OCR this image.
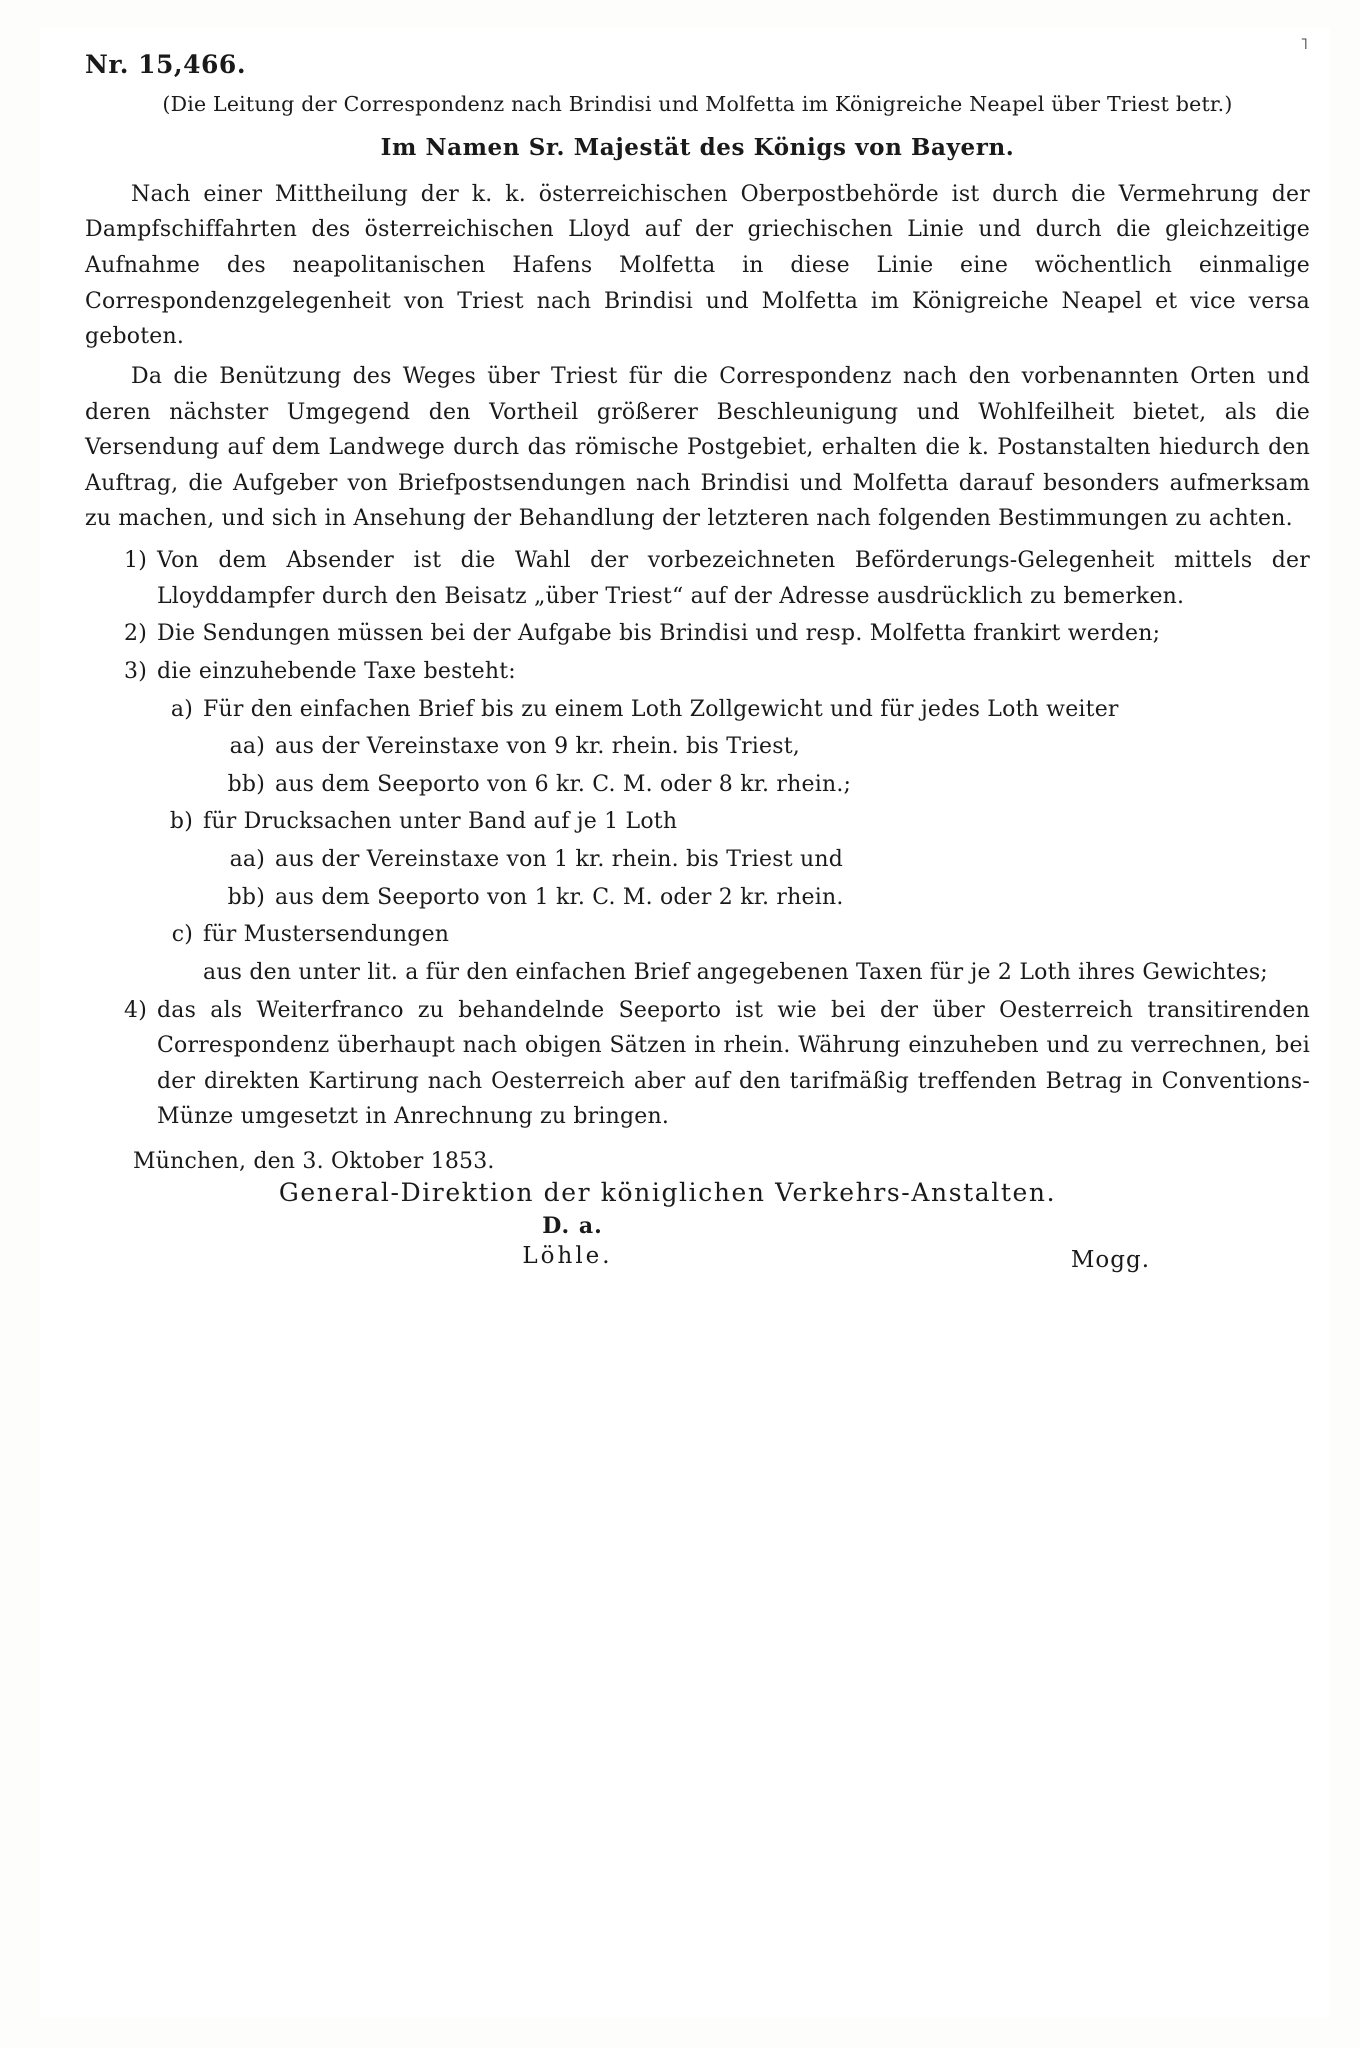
˥
Nr. 15,466.
(Die Leitung der Correspondenz nach Brindisi und Molfetta im Königreiche Neapel über Triest betr.)
Im Namen Sr. Majestät des Königs von Bayern.

Nach einer Mittheilung der k. k. österreichischen Oberpostbehörde ist durch die Vermehrung der Dampfschiffahrten des österreichischen Lloyd auf der griechischen Linie und durch die gleichzeitige Aufnahme des neapolitanischen Hafens Molfetta in diese Linie eine wöchentlich einmalige Correspondenzgelegenheit von Triest nach Brindisi und Molfetta im Königreiche Neapel et vice versa geboten.

Da die Benützung des Weges über Triest für die Correspondenz nach den vorbenannten Orten und deren nächster Umgegend den Vortheil größerer Beschleunigung und Wohlfeilheit bietet, als die Versendung auf dem Landwege durch das römische Postgebiet, erhalten die k. Postanstalten hiedurch den Auftrag, die Aufgeber von Briefpostsendungen nach Brindisi und Molfetta darauf besonders aufmerksam zu machen, und sich in Ansehung der Behandlung der letzteren nach folgenden Bestimmungen zu achten.

1) Von dem Absender ist die Wahl der vorbezeichneten Beförderungs-Gelegenheit mittels der Lloyddampfer durch den Beisatz „über Triest“ auf der Adresse ausdrücklich zu bemerken.
2) Die Sendungen müssen bei der Aufgabe bis Brindisi und resp. Molfetta frankirt werden;
3) die einzuhebende Taxe besteht:
a) Für den einfachen Brief bis zu einem Loth Zollgewicht und für jedes Loth weiter
aa) aus der Vereinstaxe von 9 kr. rhein. bis Triest,
bb) aus dem Seeporto von 6 kr. C. M. oder 8 kr. rhein.;
b) für Drucksachen unter Band auf je 1 Loth
aa) aus der Vereinstaxe von 1 kr. rhein. bis Triest und
bb) aus dem Seeporto von 1 kr. C. M. oder 2 kr. rhein.
c) für Mustersendungen
aus den unter lit. a für den einfachen Brief angegebenen Taxen für je 2 Loth ihres Gewichtes;
4) das als Weiterfranco zu behandelnde Seeporto ist wie bei der über Oesterreich transitirenden Correspondenz überhaupt nach obigen Sätzen in rhein. Währung einzuheben und zu verrechnen, bei der direkten Kartirung nach Oesterreich aber auf den tarifmäßig treffenden Betrag in Conventions-Münze umgesetzt in Anrechnung zu bringen.
München, den 3. Oktober 1853.
General-Direktion der königlichen Verkehrs-Anstalten.
D. a.
Löhle.	Mogg.
